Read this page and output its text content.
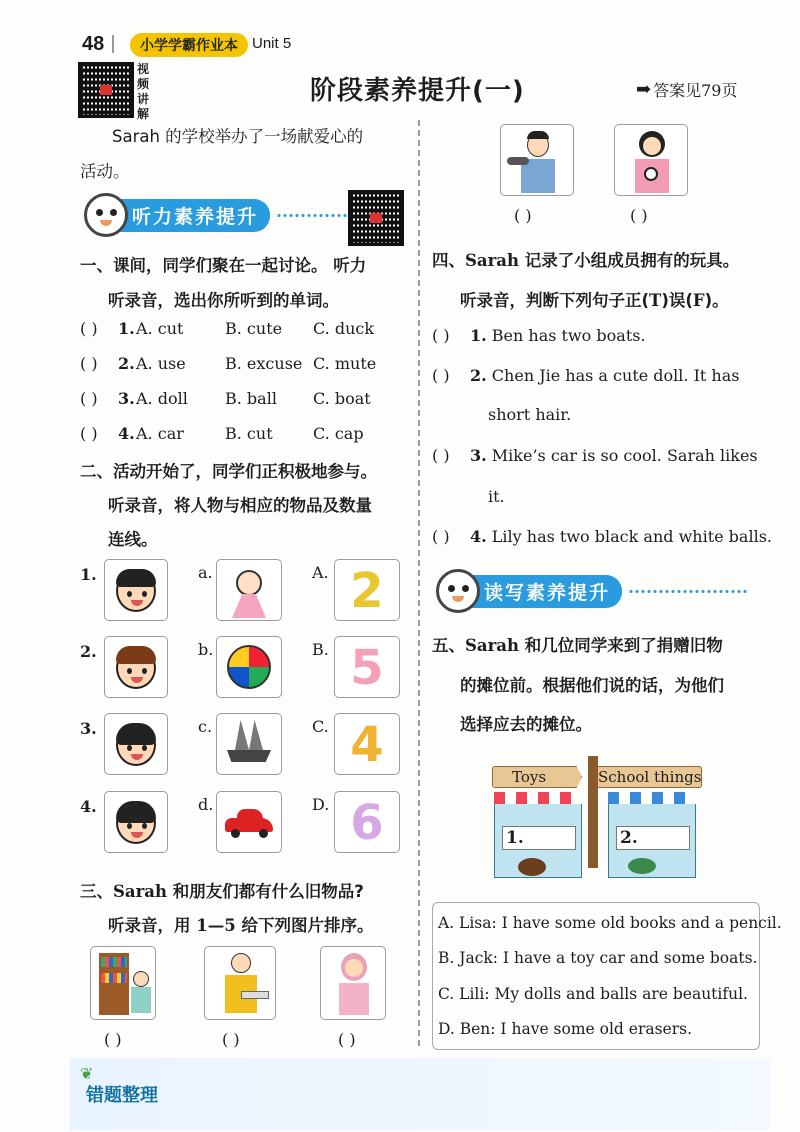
48	小学学霸作业本 Unit 5
视
频
讲
解
阶段素养提升(一)	➡ 答案见79页
Sarah 的学校举办了一场献爱心的
活动。
听力素养提升
一、课间，同学们聚在一起讨论。 听力
听录音，选出你所听到的单词。
( ) 1. A. cut	B. cute C. duck
( ) 2. A. use B. excuse C. mute
( ) 3. A. doll B. ball C. boat
( ) 4. A. car	B. cut	C. cap
二、活动开始了，同学们正积极地参与。
听录音，将人物与相应的物品及数量
连线。
1.	a.	A. 2
2.	b.	B. 5
3.	c.	C. 4
4.	d.	D. 6
三、Sarah 和朋友们都有什么旧物品?
听录音，用 1—5 给下列图片排序。
( )	( )	( )
( )	( )
四、Sarah 记录了小组成员拥有的玩具。
听录音，判断下列句子正(T)误(F)。
( ) 1. Ben has two boats.
( ) 2. Chen Jie has a cute doll. It has
short hair.
( ) 3. Mike’s car is so cool. Sarah likes
it.
( ) 4. Lily has two black and white balls.
读写素养提升
五、Sarah 和几位同学来到了捐赠旧物
的摊位前。根据他们说的话，为他们
选择应去的摊位。
Toys	School things
1.	2.
A. Lisa: I have some old books and a pencil.
B. Jack: I have a toy car and some boats.
C. Lili: My dolls and balls are beautiful.
D. Ben: I have some old erasers.
❦
错题整理
